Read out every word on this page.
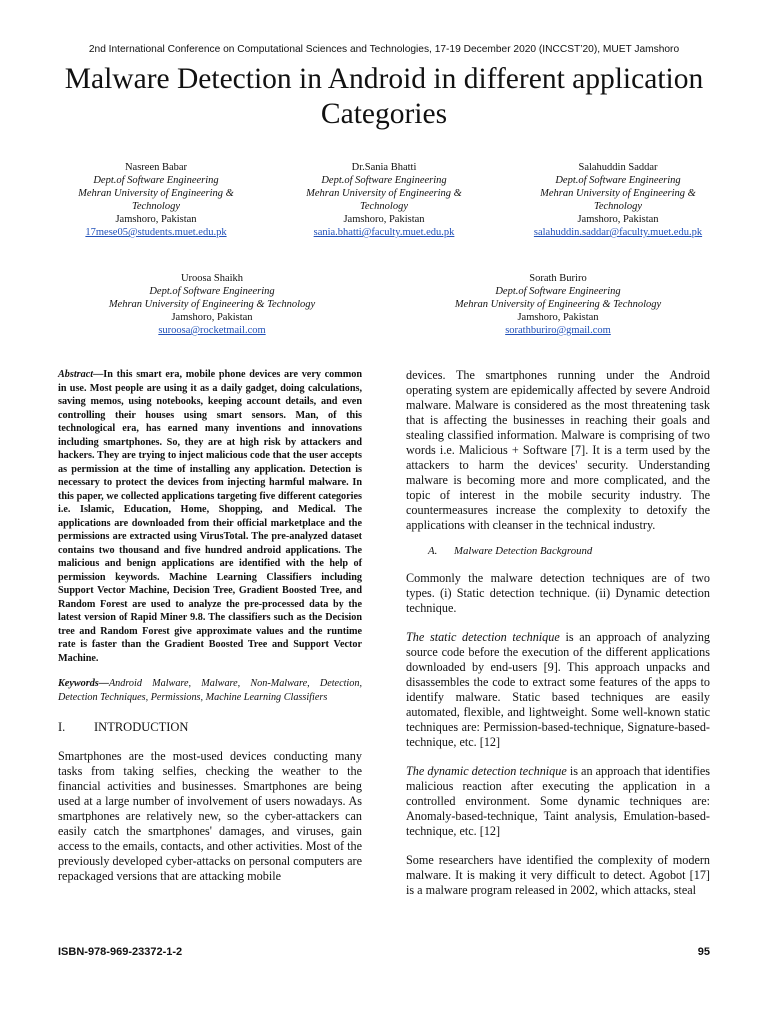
2nd International Conference on Computational Sciences and Technologies, 17-19 December 2020 (INCCST’20), MUET Jamshoro
Malware Detection in Android in different application Categories
Nasreen Babar
Dept.of Software Engineering
Mehran University of Engineering & Technology
Jamshoro, Pakistan
17mese05@students.muet.edu.pk
Dr.Sania Bhatti
Dept.of Software Engineering
Mehran University of Engineering & Technology
Jamshoro, Pakistan
sania.bhatti@faculty.muet.edu.pk
Salahuddin Saddar
Dept.of Software Engineering
Mehran University of Engineering & Technology
Jamshoro, Pakistan
salahuddin.saddar@faculty.muet.edu.pk
Uroosa Shaikh
Dept.of Software Engineering
Mehran University of Engineering & Technology
Jamshoro, Pakistan
suroosa@rocketmail.com
Sorath Buriro
Dept.of Software Engineering
Mehran University of Engineering & Technology
Jamshoro, Pakistan
sorathburiro@gmail.com

Abstract—In this smart era, mobile phone devices are very common in use. Most people are using it as a daily gadget, doing calculations, saving memos, using notebooks, keeping account details, and even controlling their houses using smart sensors. Man, of this technological era, has earned many inventions and innovations including smartphones. So, they are at high risk by attackers and hackers. They are trying to inject malicious code that the user accepts as permission at the time of installing any application. Detection is necessary to protect the devices from injecting harmful malware. In this paper, we collected applications targeting five different categories i.e. Islamic, Education, Home, Shopping, and Medical. The applications are downloaded from their official marketplace and the permissions are extracted using VirusTotal. The pre-analyzed dataset contains two thousand and five hundred android applications. The malicious and benign applications are identified with the help of permission keywords. Machine Learning Classifiers including Support Vector Machine, Decision Tree, Gradient Boosted Tree, and Random Forest are used to analyze the pre-processed data by the latest version of Rapid Miner 9.8. The classifiers such as the Decision tree and Random Forest give approximate values and the runtime rate is faster than the Gradient Boosted Tree and Support Vector Machine.

Keywords—Android Malware, Malware, Non-Malware, Detection, Detection Techniques, Permissions, Machine Learning Classifiers

I. INTRODUCTION

Smartphones are the most-used devices conducting many tasks from taking selfies, checking the weather to the financial activities and businesses. Smartphones are being used at a large number of involvement of users nowadays. As smartphones are relatively new, so the cyber-attackers can easily catch the smartphones' damages, and viruses, gain access to the emails, contacts, and other activities. Most of the previously developed cyber-attacks on personal computers are repackaged versions that are attacking mobile

devices. The smartphones running under the Android operating system are epidemically affected by severe Android malware. Malware is considered as the most threatening task that is affecting the businesses in reaching their goals and stealing classified information. Malware is comprising of two words i.e. Malicious + Software [7]. It is a term used by the attackers to harm the devices' security. Understanding malware is becoming more and more complicated, and the topic of interest in the mobile security industry. The countermeasures increase the complexity to detoxify the applications with cleanser in the technical industry.

A. Malware Detection Background

Commonly the malware detection techniques are of two types. (i) Static detection technique. (ii) Dynamic detection technique.

The static detection technique is an approach of analyzing source code before the execution of the different applications downloaded by end-users [9]. This approach unpacks and disassembles the code to extract some features of the apps to identify malware. Static based techniques are easily automated, flexible, and lightweight. Some well-known static techniques are: Permission-based-technique, Signature-based-technique, etc. [12]

The dynamic detection technique is an approach that identifies malicious reaction after executing the application in a controlled environment. Some dynamic techniques are: Anomaly-based-technique, Taint analysis, Emulation-based-technique, etc. [12]

Some researchers have identified the complexity of modern malware. It is making it very difficult to detect. Agobot [17] is a malware program released in 2002, which attacks, steal

ISBN-978-969-23372-1-2	95
